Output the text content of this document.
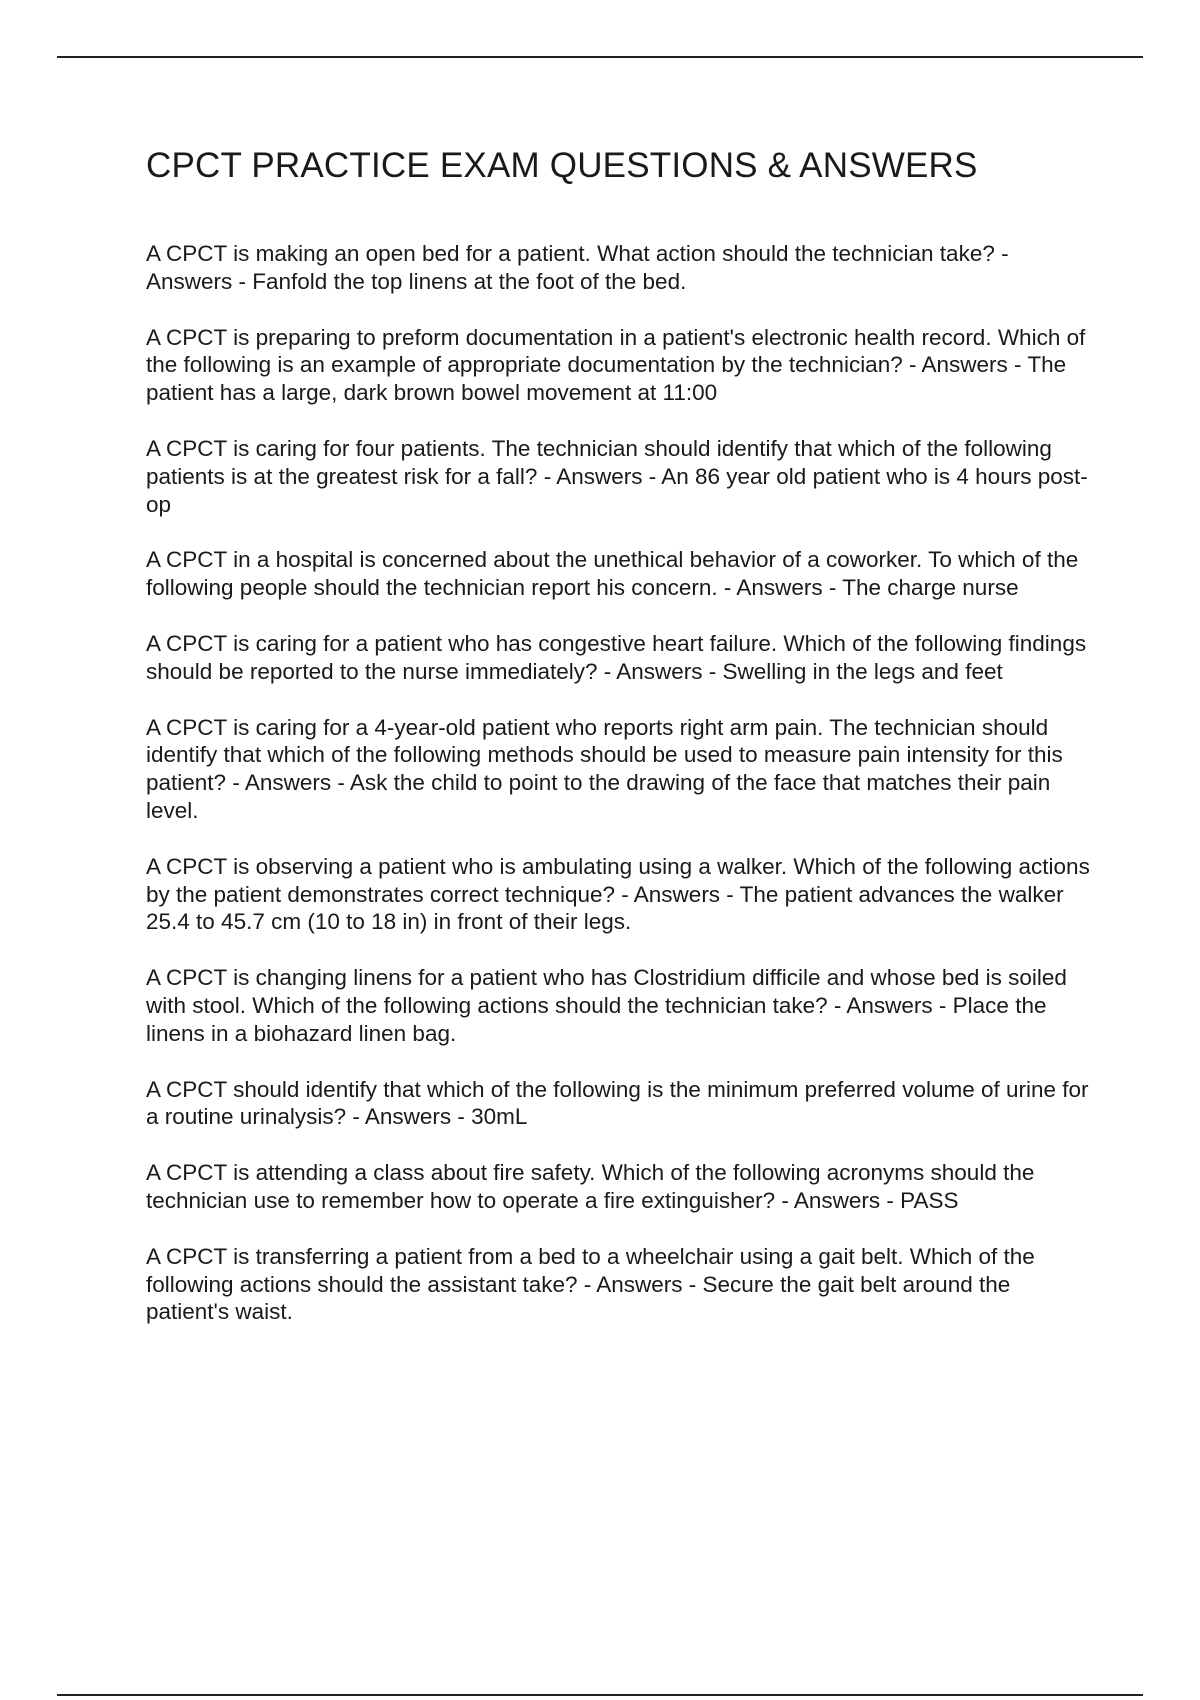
CPCT PRACTICE EXAM QUESTIONS & ANSWERS
A CPCT is making an open bed for a patient. What action should the technician take? - Answers - Fanfold the top linens at the foot of the bed.
A CPCT is preparing to preform documentation in a patient's electronic health record. Which of the following is an example of appropriate documentation by the technician? - Answers - The patient has a large, dark brown bowel movement at 11:00
A CPCT is caring for four patients. The technician should identify that which of the following patients is at the greatest risk for a fall? - Answers - An 86 year old patient who is 4 hours post-op
A CPCT in a hospital is concerned about the unethical behavior of a coworker. To which of the following people should the technician report his concern. - Answers - The charge nurse
A CPCT is caring for a patient who has congestive heart failure. Which of the following findings should be reported to the nurse immediately? - Answers - Swelling in the legs and feet
A CPCT is caring for a 4-year-old patient who reports right arm pain. The technician should identify that which of the following methods should be used to measure pain intensity for this patient? - Answers - Ask the child to point to the drawing of the face that matches their pain level.
A CPCT is observing a patient who is ambulating using a walker. Which of the following actions by the patient demonstrates correct technique? - Answers - The patient advances the walker 25.4 to 45.7 cm (10 to 18 in) in front of their legs.
A CPCT is changing linens for a patient who has Clostridium difficile and whose bed is soiled with stool. Which of the following actions should the technician take? - Answers - Place the linens in a biohazard linen bag.
A CPCT should identify that which of the following is the minimum preferred volume of urine for a routine urinalysis? - Answers - 30mL
A CPCT is attending a class about fire safety. Which of the following acronyms should the technician use to remember how to operate a fire extinguisher? - Answers - PASS
A CPCT is transferring a patient from a bed to a wheelchair using a gait belt. Which of the following actions should the assistant take? - Answers - Secure the gait belt around the patient's waist.
